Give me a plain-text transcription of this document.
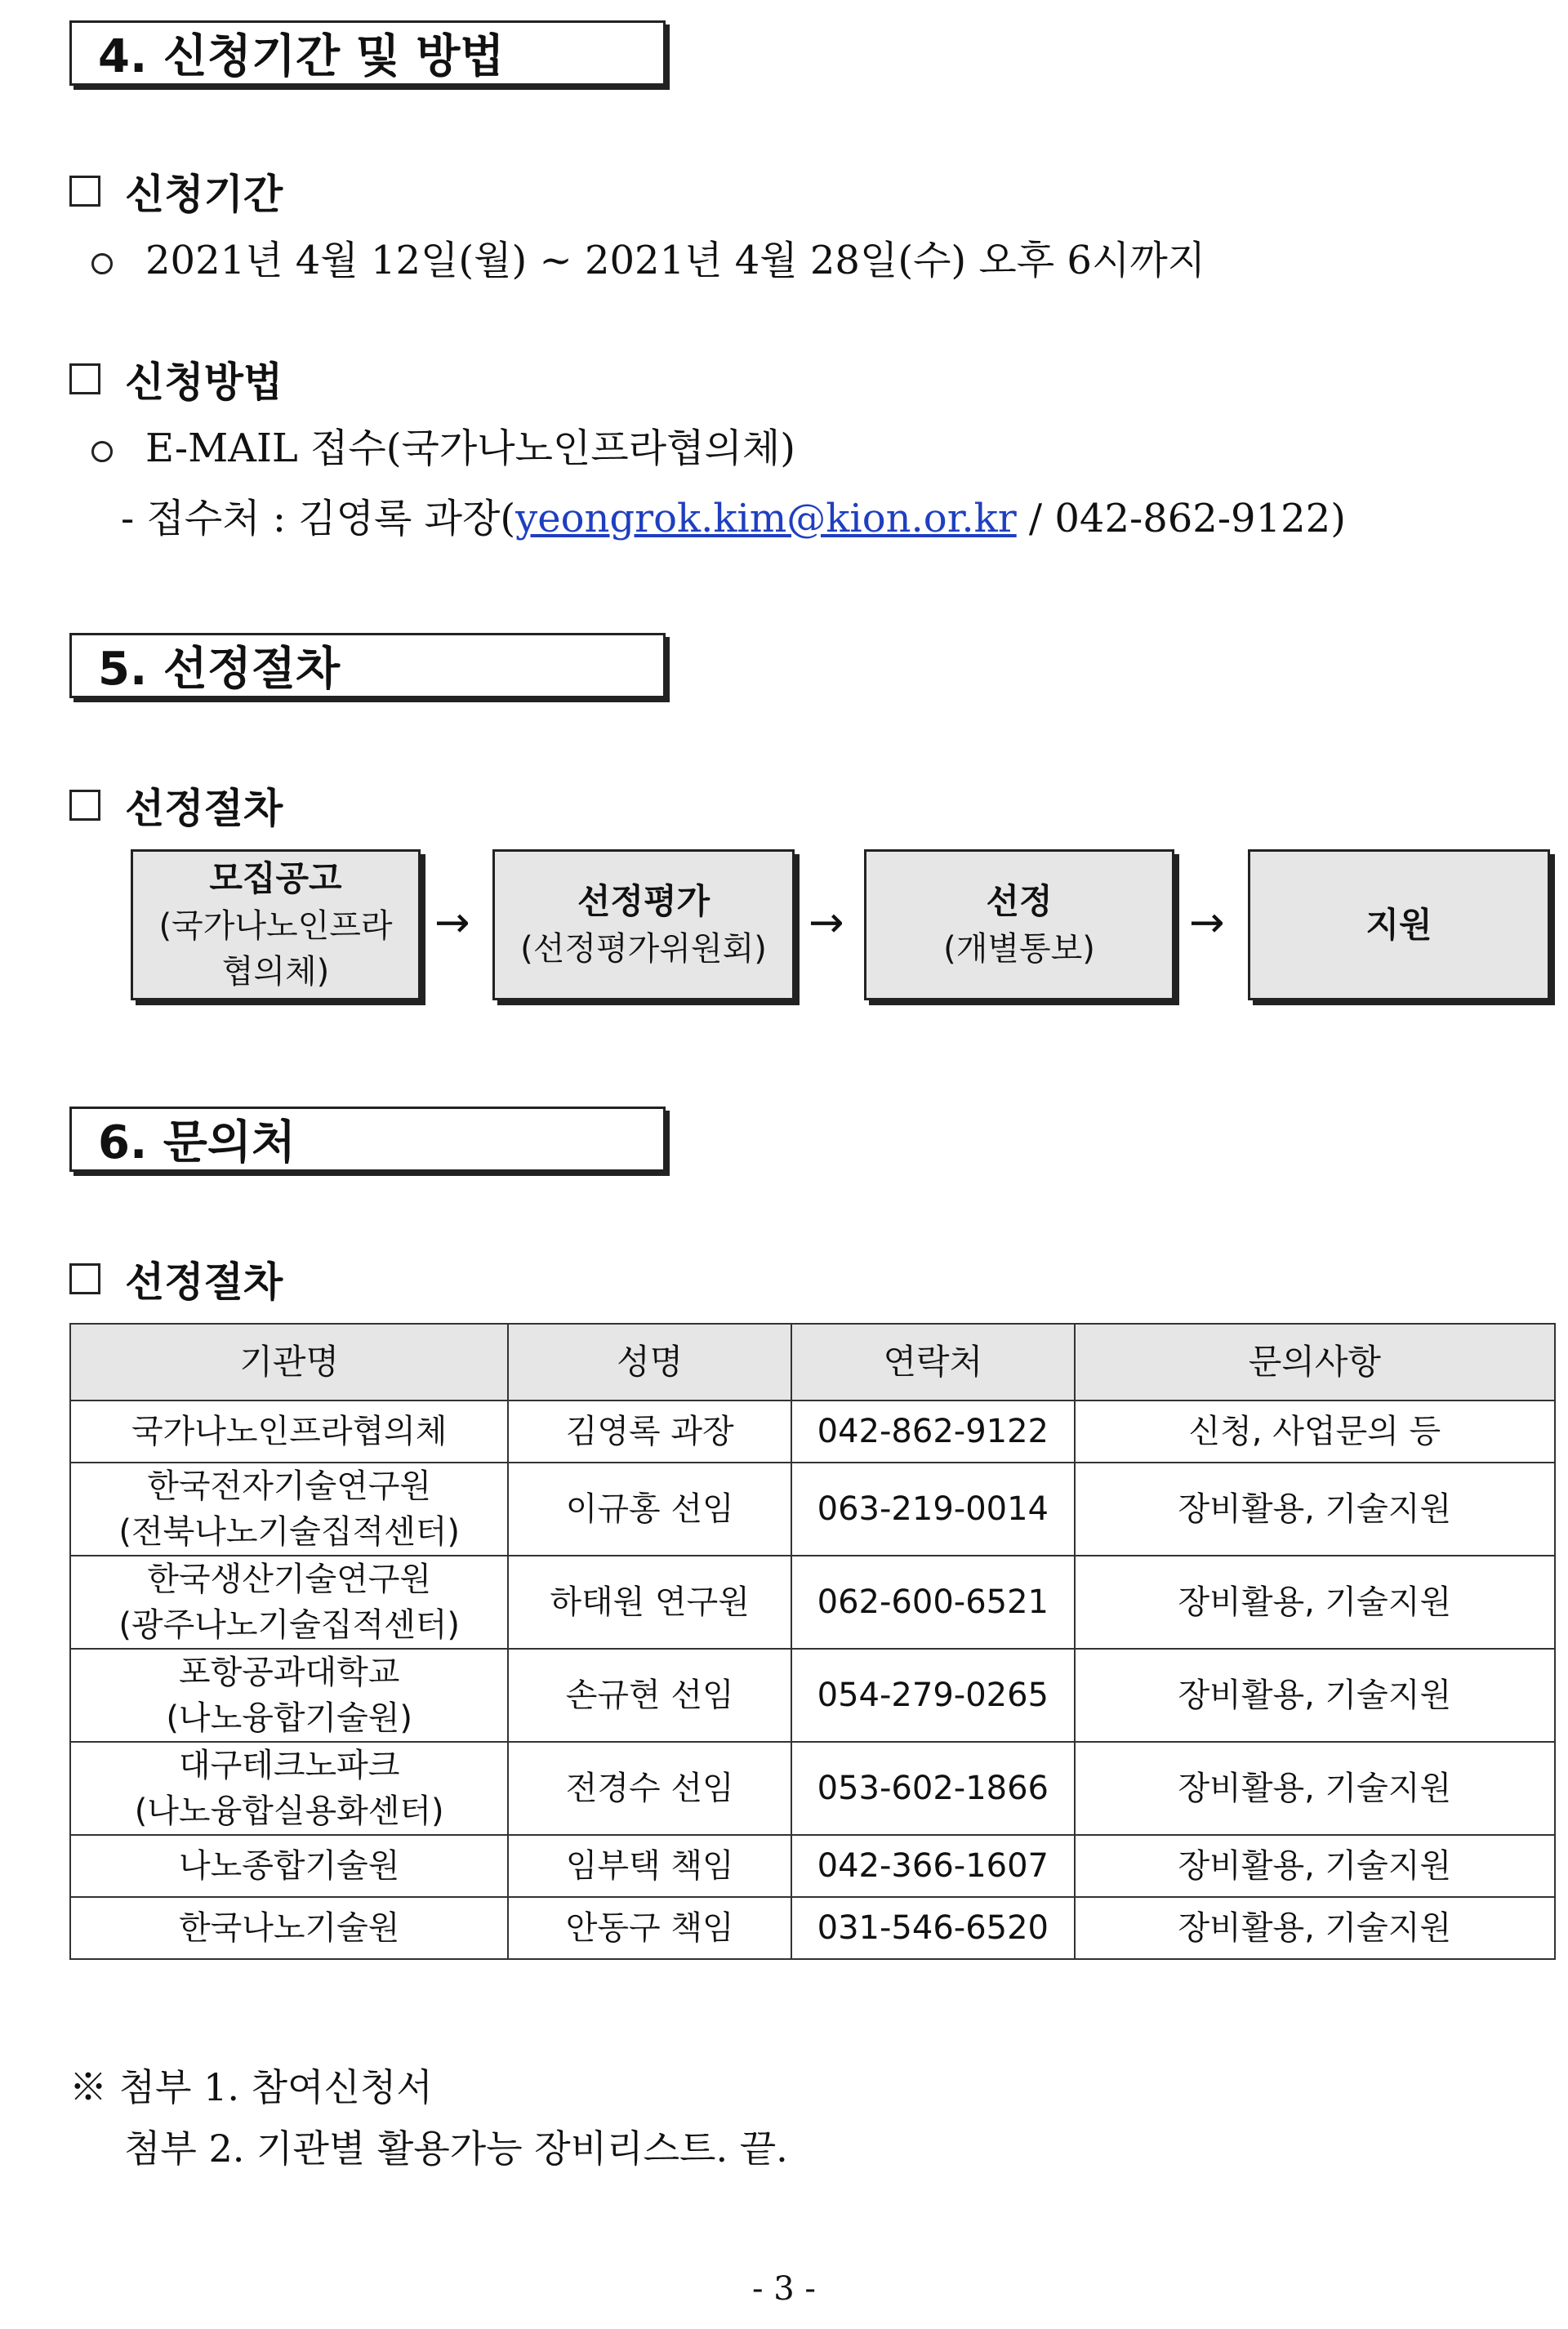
4. 신청기간 및 방법
신청기간
2021년 4월 12일(월) ~ 2021년 4월 28일(수) 오후 6시까지
신청방법
E-MAIL 접수(국가나노인프라협의체)
- 접수처 : 김영록 과장(yeongrok.kim@kion.or.kr / 042-862-9122)
5. 선정절차
선정절차
모집공고
(국가나노인프라
협의체)
→	선정평가
(선정평가위원회)
→	선정
(개별통보)
→	지원
6. 문의처
선정절차
기관명	성명	연락처	문의사항
국가나노인프라협의체	김영록 과장	042-862-9122	신청, 사업문의 등
한국전자기술연구원
(전북나노기술집적센터)	이규홍 선임	063-219-0014	장비활용, 기술지원
한국생산기술연구원
(광주나노기술집적센터)	하태원 연구원	062-600-6521	장비활용, 기술지원
포항공과대학교
(나노융합기술원)	손규현 선임	054-279-0265	장비활용, 기술지원
대구테크노파크
(나노융합실용화센터)	전경수 선임	053-602-1866	장비활용, 기술지원
나노종합기술원	임부택 책임	042-366-1607	장비활용, 기술지원
한국나노기술원	안동구 책임	031-546-6520	장비활용, 기술지원
※ 첨부 1. 참여신청서
첨부 2. 기관별 활용가능 장비리스트. 끝.
- 3 -
